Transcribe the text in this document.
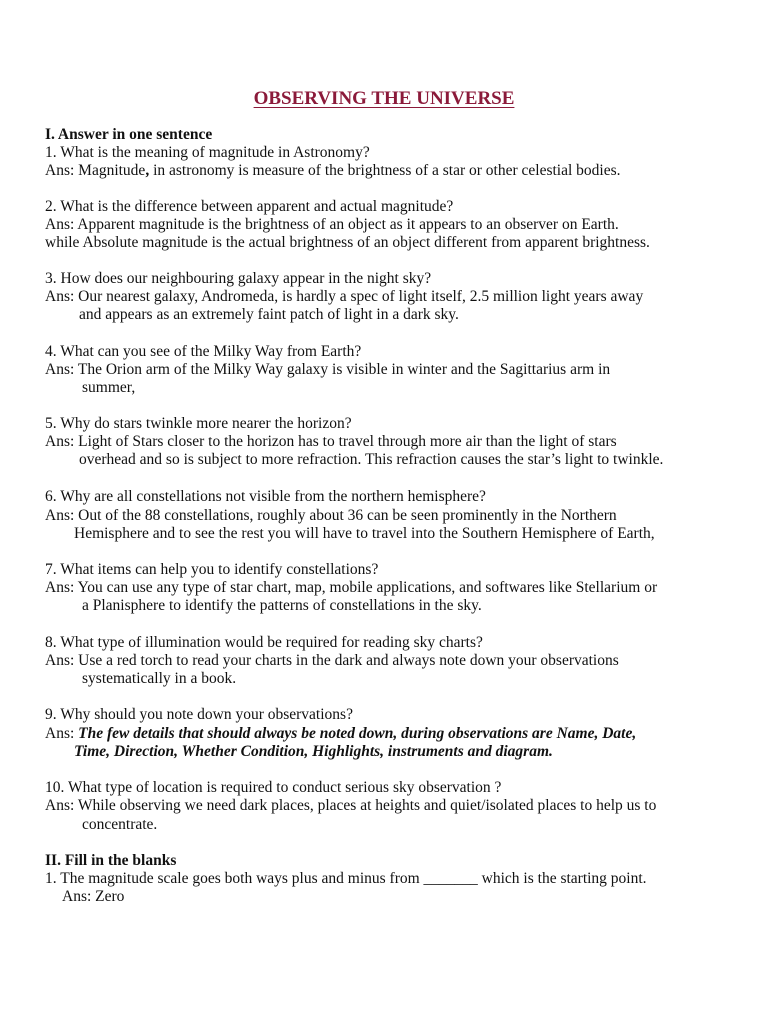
OBSERVING THE UNIVERSE
I. Answer in one sentence
1. What is the meaning of magnitude in Astronomy?
Ans: Magnitude, in astronomy is measure of the brightness of a star or other celestial bodies.
2. What is the difference between apparent and actual magnitude?
Ans: Apparent magnitude is the brightness of an object as it appears to an observer on Earth.
while Absolute magnitude is the actual brightness of an object different from apparent brightness.
3. How does our neighbouring galaxy appear in the night sky?
Ans: Our nearest galaxy, Andromeda, is hardly a spec of light itself, 2.5 million light years away
and appears as an extremely faint patch of light in a dark sky.
4. What can you see of the Milky Way from Earth?
Ans: The Orion arm of the Milky Way galaxy is visible in winter and the Sagittarius arm in
summer,
5. Why do stars twinkle more nearer the horizon?
Ans: Light of Stars closer to the horizon has to travel through more air than the light of stars
overhead and so is subject to more refraction. This refraction causes the star’s light to twinkle.
6. Why are all constellations not visible from the northern hemisphere?
Ans: Out of the 88 constellations, roughly about 36 can be seen prominently in the Northern
Hemisphere and to see the rest you will have to travel into the Southern Hemisphere of Earth,
7. What items can help you to identify constellations?
Ans: You can use any type of star chart, map, mobile applications, and softwares like Stellarium or
a Planisphere to identify the patterns of constellations in the sky.
8. What type of illumination would be required for reading sky charts?
Ans: Use a red torch to read your charts in the dark and always note down your observations
systematically in a book.
9. Why should you note down your observations?
Ans: The few details that should always be noted down, during observations are Name, Date,
Time, Direction, Whether Condition, Highlights, instruments and diagram.
10. What type of location is required to conduct serious sky observation ?
Ans: While observing we need dark places, places at heights and quiet/isolated places to help us to
concentrate.
II. Fill in the blanks
1. The magnitude scale goes both ways plus and minus from _______ which is the starting point.
Ans: Zero
